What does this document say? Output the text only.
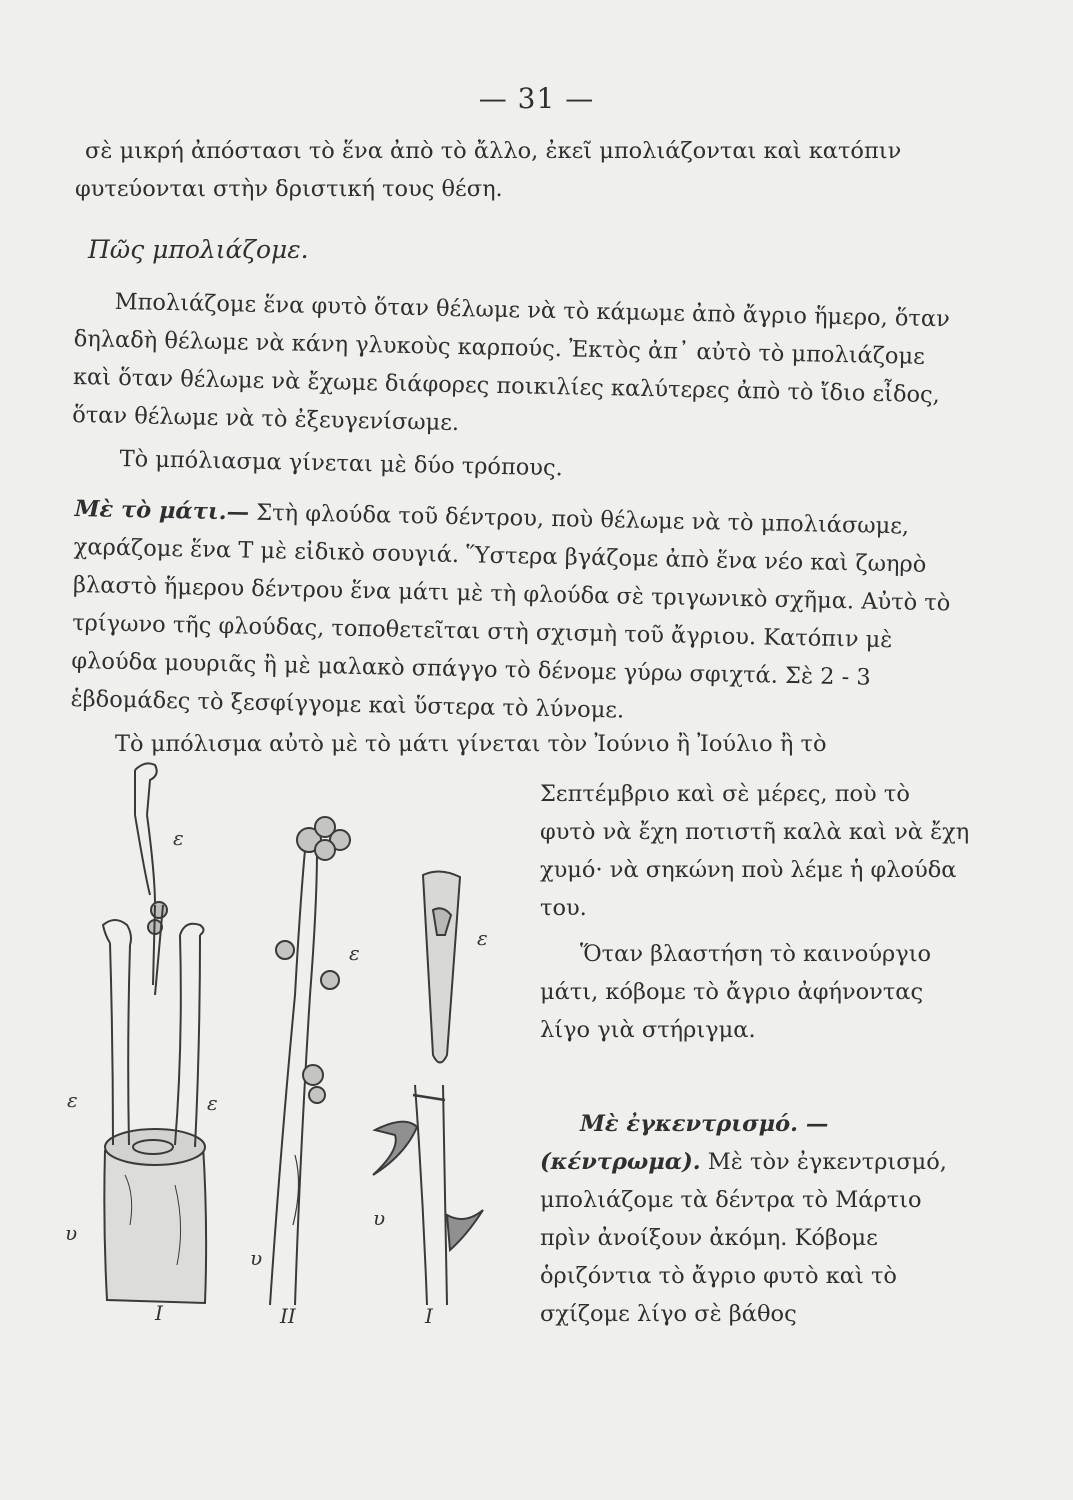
— 31 —
σὲ μικρή ἀπόστασι τὸ ἕνα ἀπὸ τὸ ἄλλο, ἐκεῖ μπολιάζονται καὶ κατόπιν φυτεύονται στὴν δριστική τους θέση.
Πῶς μπολιάζομε.
Μπολιάζομε ἕνα φυτὸ ὅταν θέλωμε νὰ τὸ κάμωμε ἀπὸ ἄγριο ἥμερο, ὅταν δηλαδὴ θέλωμε νὰ κάνη γλυκοὺς καρπούς. Ἐκτὸς ἀπ᾽ αὐτὸ τὸ μπολιάζομε καὶ ὅταν θέλωμε νὰ ἔχωμε διάφορες ποικιλίες καλύτερες ἀπὸ τὸ ἴδιο εἶδος, ὅταν θέλωμε νὰ τὸ ἐξευγενίσωμε.
Τὸ μπόλιασμα γίνεται μὲ δύο τρόπους.
Μὲ τὸ μάτι.— Στὴ φλούδα τοῦ δέντρου, ποὺ θέλωμε νὰ τὸ μπολιάσωμε, χαράζομε ἕνα Τ μὲ εἰδικὸ σουγιά. Ὕστερα βγάζομε ἀπὸ ἕνα νέο καὶ ζωηρὸ βλαστὸ ἥμερου δέντρου ἕνα μάτι μὲ τὴ φλούδα σὲ τριγωνικὸ σχῆμα. Αὐτὸ τὸ τρίγωνο τῆς φλούδας, τοποθετεῖται στὴ σχισμὴ τοῦ ἄγριου. Κατόπιν μὲ φλούδα μουριᾶς ἢ μὲ μαλακὸ σπάγγο τὸ δένομε γύρω σφιχτά. Σὲ 2 - 3 ἑβδομάδες τὸ ξεσφίγγομε καὶ ὕστερα τὸ λύνομε.
Τὸ μπόλισμα αὐτὸ μὲ τὸ μάτι γίνεται τὸν Ἰούνιο ἢ Ἰούλιο ἢ τὸ
Σεπτέμβριο καὶ σὲ μέρες, ποὺ τὸ φυτὸ νὰ ἔχη ποτιστῆ καλὰ καὶ νὰ ἔχη χυμό· νὰ σηκώνη ποὺ λέμε ἡ φλούδα του.
Ὅταν βλαστήση τὸ καινούργιο μάτι, κόβομε τὸ ἄγριο ἀφήνοντας λίγο γιὰ στήριγμα.
Μὲ ἐγκεντρισμό. — (κέντρωμα). Μὲ τὸν ἐγκεντρισμό, μπολιάζομε τὰ δέντρα τὸ Μάρτιο πρὶν ἀνοίξουν ἀκόμη. Κόβομε ὁριζόντια τὸ ἄγριο φυτὸ καὶ τὸ σχίζομε λίγο σὲ βάθος
ε
ε	ε
ε
υ
υ
ε
υ
I	II	I
